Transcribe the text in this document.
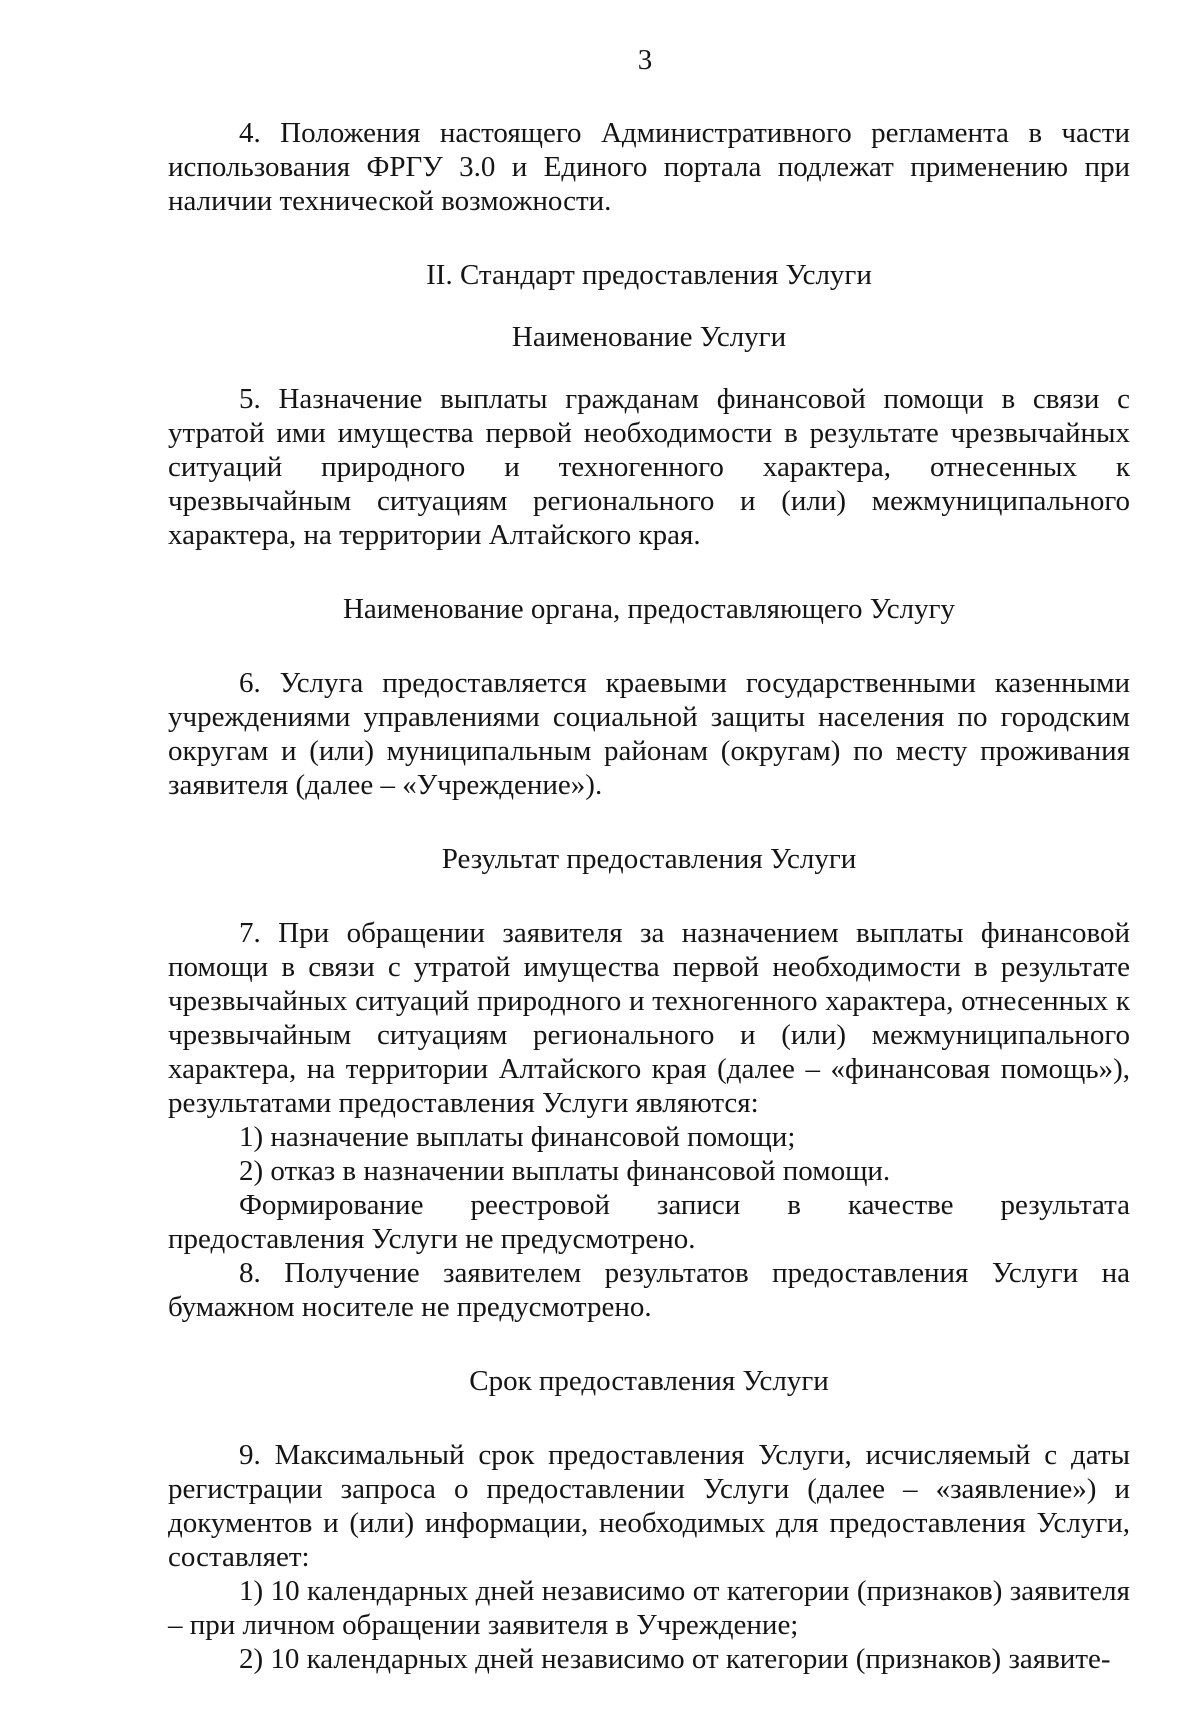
3

4. Положения настоящего Административного регламента в части использования ФРГУ 3.0 и Единого портала подлежат применению при наличии технической возможности.

II. Стандарт предоставления Услуги

Наименование Услуги

5. Назначение выплаты гражданам финансовой помощи в связи с утратой ими имущества первой необходимости в результате чрезвычайных ситуаций природного и техногенного характера, отнесенных к чрезвычайным ситуациям регионального и (или) межмуниципального характера, на территории Алтайского края.

Наименование органа, предоставляющего Услугу

6. Услуга предоставляется краевыми государственными казенными учреждениями управлениями социальной защиты населения по городским округам и (или) муниципальным районам (округам) по месту проживания заявителя (далее – «Учреждение»).

Результат предоставления Услуги

7. При обращении заявителя за назначением выплаты финансовой помощи в связи с утратой имущества первой необходимости в результате чрезвычайных ситуаций природного и техногенного характера, отнесенных к чрезвычайным ситуациям регионального и (или) межмуниципального характера, на территории Алтайского края (далее – «финансовая помощь»), результатами предоставления Услуги являются:

1) назначение выплаты финансовой помощи;

2) отказ в назначении выплаты финансовой помощи.

Формирование реестровой записи в качестве результата предоставления Услуги не предусмотрено.

8. Получение заявителем результатов предоставления Услуги на бумажном носителе не предусмотрено.

Срок предоставления Услуги

9. Максимальный срок предоставления Услуги, исчисляемый с даты регистрации запроса о предоставлении Услуги (далее – «заявление») и документов и (или) информации, необходимых для предоставления Услуги, составляет:

1) 10 календарных дней независимо от категории (признаков) заявителя – при личном обращении заявителя в Учреждение;

2) 10 календарных дней независимо от категории (признаков) заявите-
